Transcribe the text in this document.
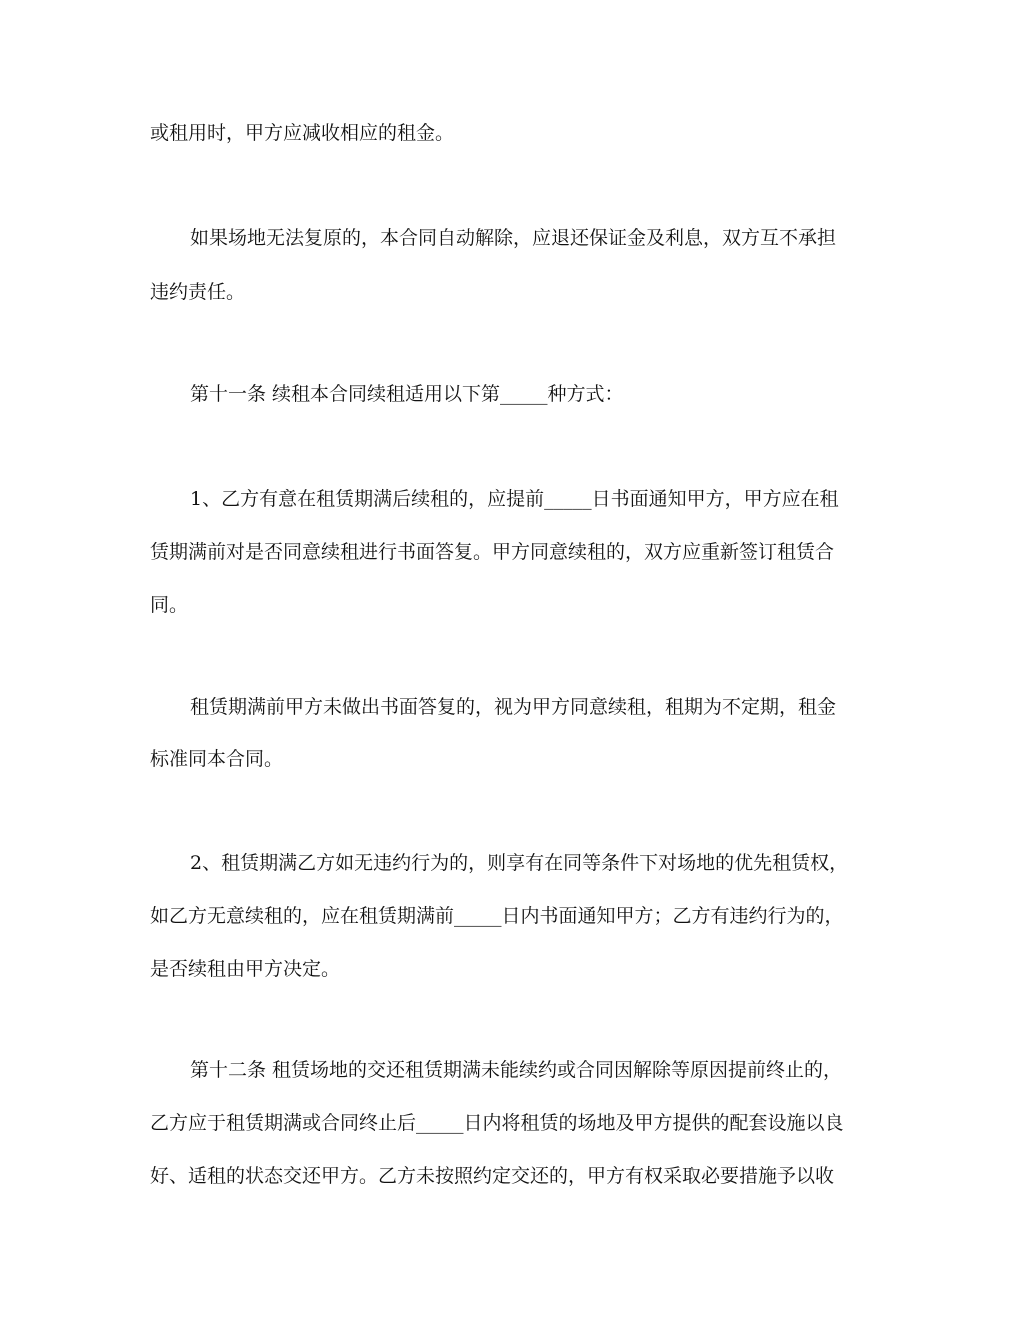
或租用时，甲方应减收相应的租金。
如果场地无法复原的，本合同自动解除，应退还保证金及利息，双方互不承担
违约责任。
第十一条 续租本合同续租适用以下第_____种方式：
1、乙方有意在租赁期满后续租的，应提前_____日书面通知甲方，甲方应在租
赁期满前对是否同意续租进行书面答复。甲方同意续租的，双方应重新签订租赁合
同。
租赁期满前甲方未做出书面答复的，视为甲方同意续租，租期为不定期，租金
标准同本合同。
2、租赁期满乙方如无违约行为的，则享有在同等条件下对场地的优先租赁权，
如乙方无意续租的，应在租赁期满前_____日内书面通知甲方；乙方有违约行为的，
是否续租由甲方决定。
第十二条 租赁场地的交还租赁期满未能续约或合同因解除等原因提前终止的，
乙方应于租赁期满或合同终止后_____日内将租赁的场地及甲方提供的配套设施以良
好、适租的状态交还甲方。乙方未按照约定交还的，甲方有权采取必要措施予以收
